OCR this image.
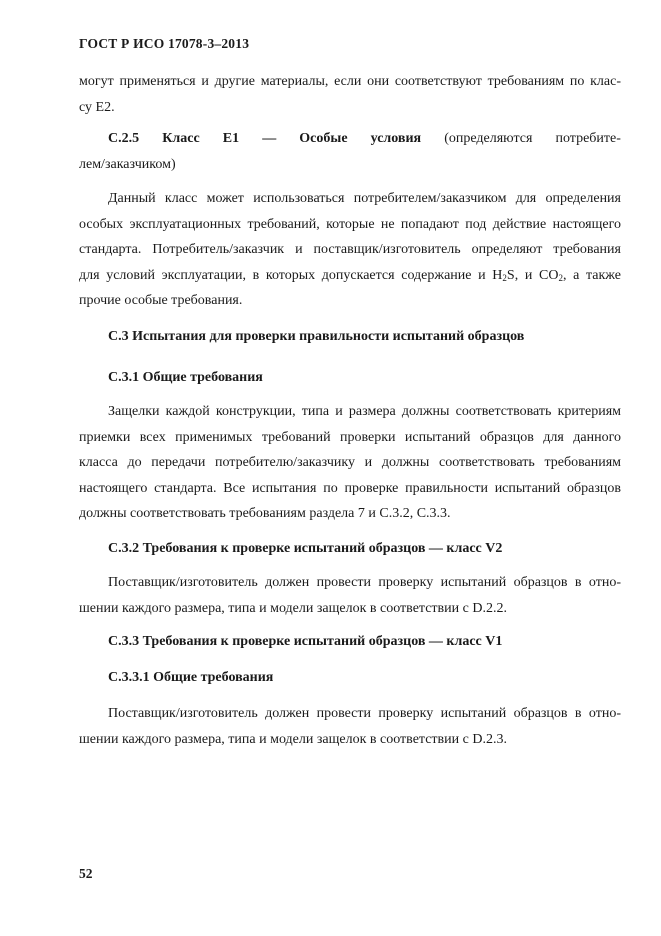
ГОСТ Р ИСО 17078-3–2013
могут применяться и другие материалы, если они соответствуют требованиям по клас-
су E2.
C.2.5 Класс E1 — Особые условия (определяются потребите-
лем/заказчиком)
Данный класс может использоваться потребителем/заказчиком для определения
особых эксплуатационных требований, которые не попадают под действие настоящего
стандарта. Потребитель/заказчик и поставщик/изготовитель определяют требования
для условий эксплуатации, в которых допускается содержание и $H_2S$, и $CO_2$, а также
прочие особые требования.
C.3 Испытания для проверки правильности испытаний образцов
C.3.1 Общие требования
Защелки каждой конструкции, типа и размера должны соответствовать критериям
приемки всех применимых требований проверки испытаний образцов для данного
класса до передачи потребителю/заказчику и должны соответствовать требованиям
настоящего стандарта. Все испытания по проверке правильности испытаний образцов
должны соответствовать требованиям раздела 7 и C.3.2, C.3.3.
C.3.2 Требования к проверке испытаний образцов — класс V2
Поставщик/изготовитель должен провести проверку испытаний образцов в отно-
шении каждого размера, типа и модели защелок в соответствии с D.2.2.
C.3.3 Требования к проверке испытаний образцов — класс V1
C.3.3.1 Общие требования
Поставщик/изготовитель должен провести проверку испытаний образцов в отно-
шении каждого размера, типа и модели защелок в соответствии с D.2.3.
52
